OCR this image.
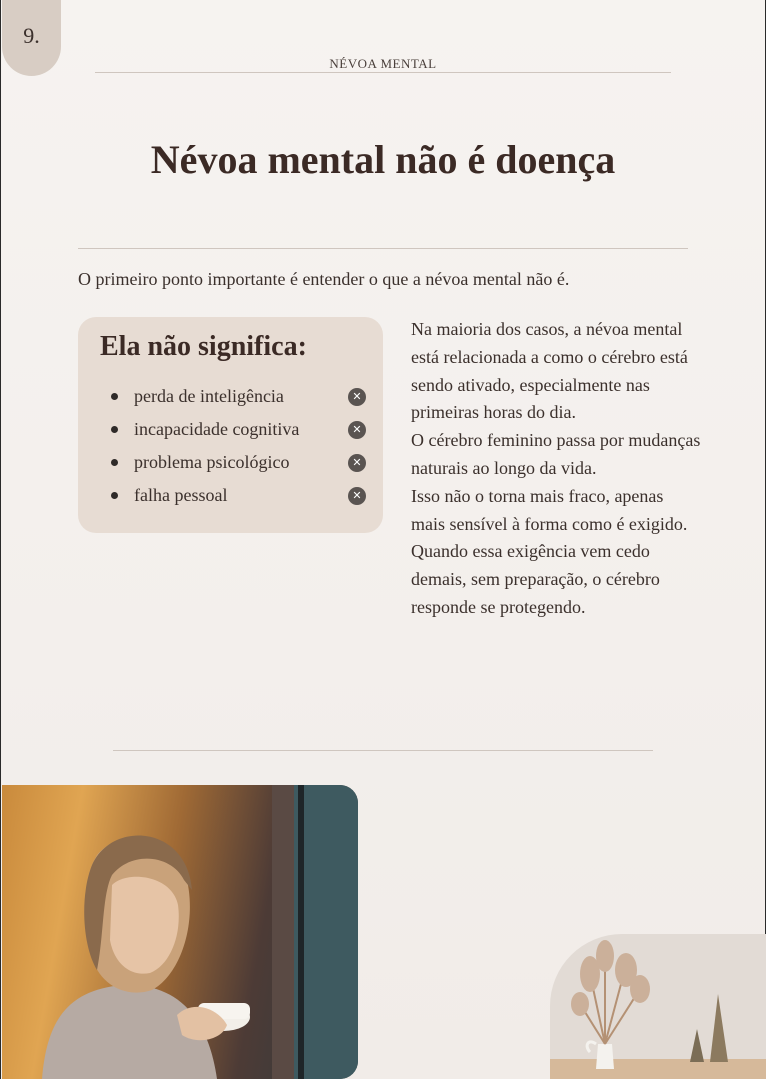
9.
NÉVOA MENTAL
Névoa mental não é doença
O primeiro ponto importante é entender o que a névoa mental não é.
Ela não significa:
perda de inteligência	✕
incapacidade cognitiva	✕
problema psicológico	✕
falha pessoal	✕

Na maioria dos casos, a névoa mental está relacionada a como o cérebro está sendo ativado, especialmente nas primeiras horas do dia.

O cérebro feminino passa por mudanças naturais ao longo da vida.

Isso não o torna mais fraco, apenas mais sensível à forma como é exigido.

Quando essa exigência vem cedo demais, sem preparação, o cérebro responde se protegendo.
